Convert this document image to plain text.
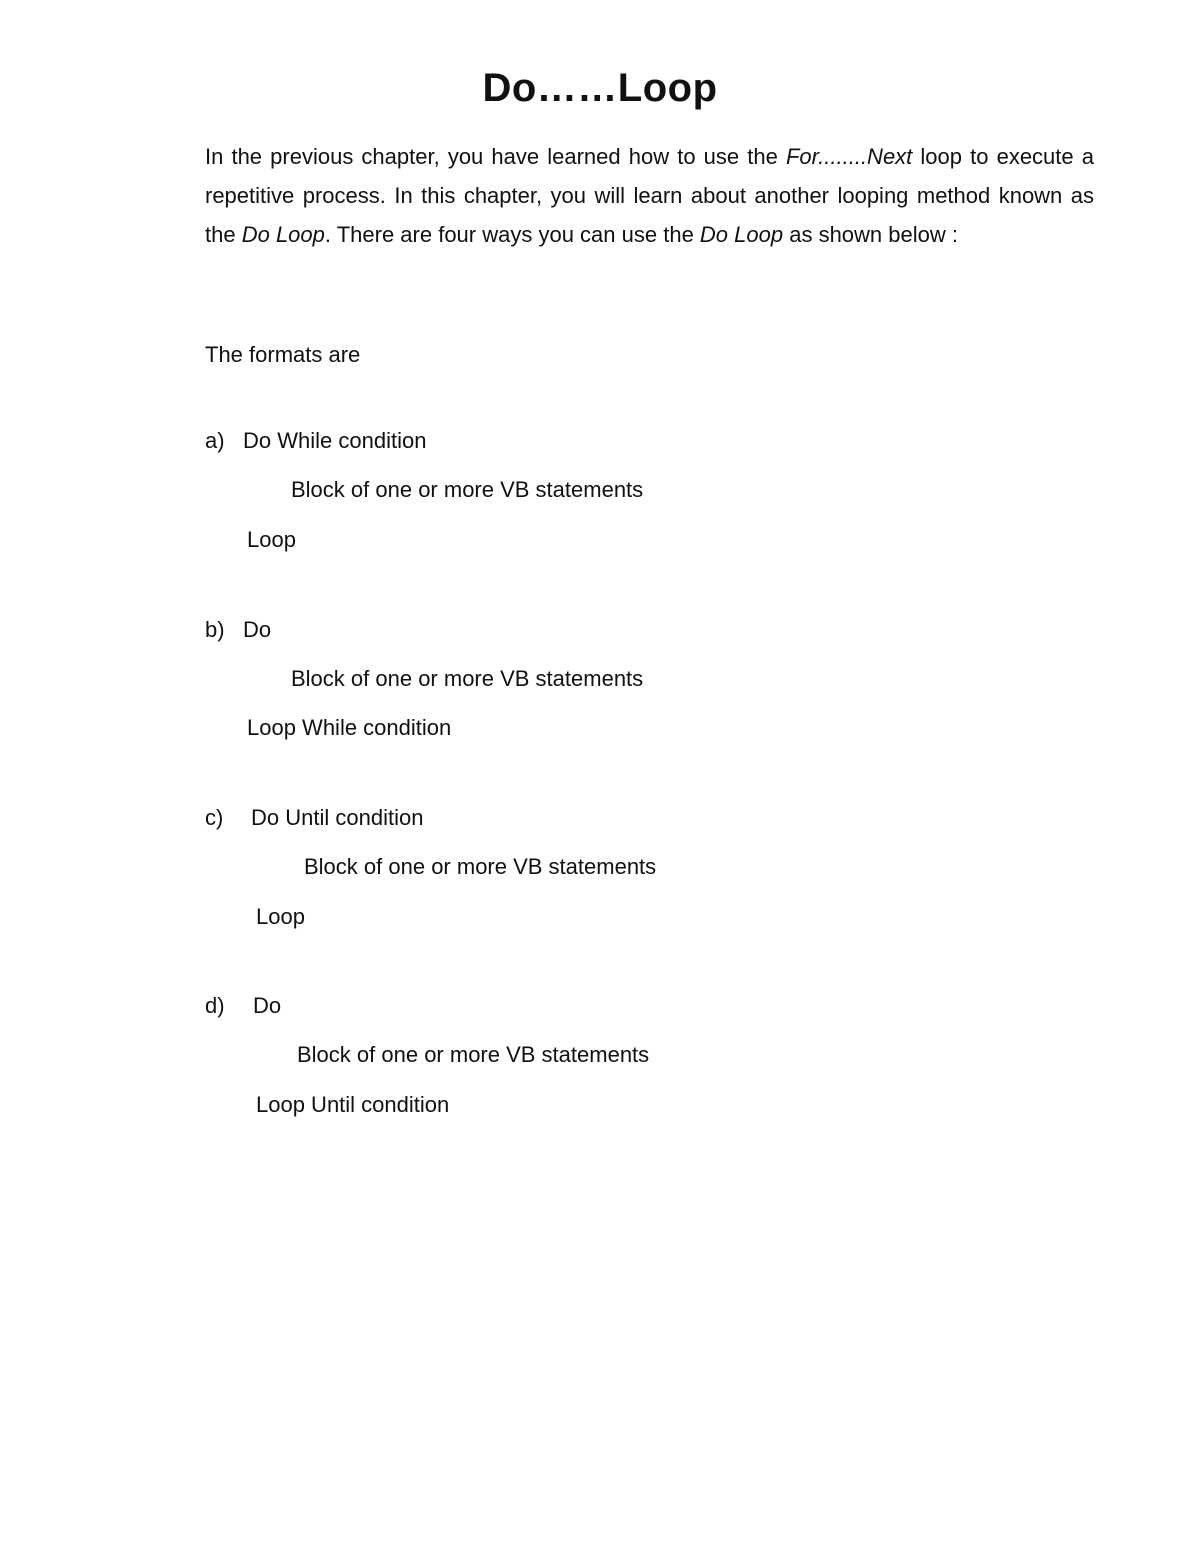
Do……Loop

In the previous chapter, you have learned how to use the For........Next loop to execute a repetitive process. In this chapter, you will learn about another looping method known as the Do Loop. There are four ways you can use the Do Loop as shown below :

The formats are

a) Do While condition

Block of one or more VB statements

Loop

b) Do

Block of one or more VB statements

Loop While condition

c) Do Until condition

Block of one or more VB statements

Loop

d) Do

Block of one or more VB statements

Loop Until condition
